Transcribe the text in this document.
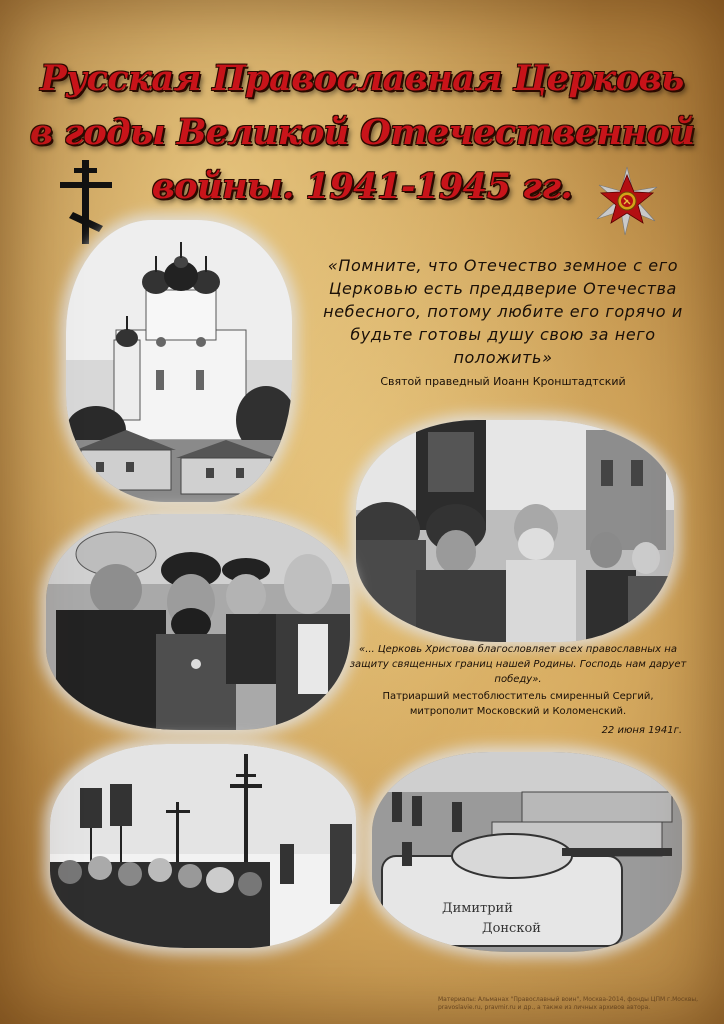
Русская Православная Церковь
в годы Великой Отечественной
войны. 1941-1945 гг.

«Помните, что Отечество земное с его Церковью есть преддверие Отечества небесного, потому любите его горячо и будьте готовы душу свою за него положить»

Святой праведный Иоанн Кронштадтский

«... Церковь Христова благословляет всех православных на защиту священных границ нашей Родины. Господь нам дарует победу».

Патриарший местоблюститель смиренный Сергий,

митрополит Московский и Коломенский.

22 июня 1941г.

Димитрий
Донской
Материалы: Альманах "Православный воин", Москва-2014, фонды ЦПМ г.Москвы, pravoslavie.ru, pravmir.ru и др., а также из личных архивов автора.
